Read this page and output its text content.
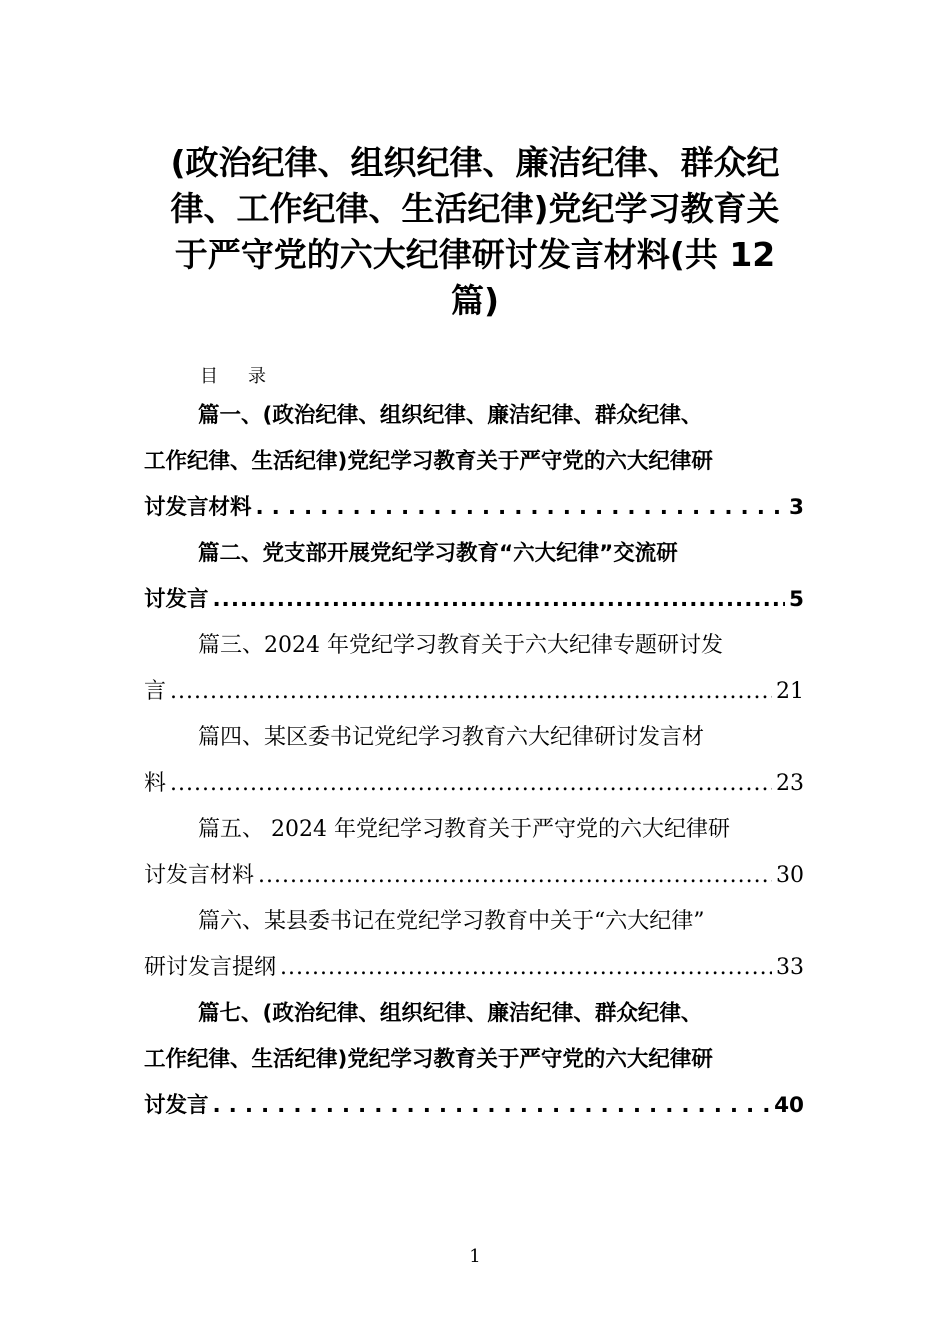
(政治纪律、组织纪律、廉洁纪律、群众纪
律、工作纪律、生活纪律)党纪学习教育关
于严守党的六大纪律研讨发言材料(共 12
篇)
目录
篇一、(政治纪律、组织纪律、廉洁纪律、群众纪律、
工作纪律、生活纪律)党纪学习教育关于严守党的六大纪律研
讨发言材料 .....	3
篇二、党支部开展党纪学习教育“六大纪律”交流研
讨发言 .....	5
篇三、2024 年党纪学习教育关于六大纪律专题研讨发
言 .....	21
篇四、某区委书记党纪学习教育六大纪律研讨发言材
料 .....	23
篇五、 2024 年党纪学习教育关于严守党的六大纪律研
讨发言材料 .....	30
篇六、某县委书记在党纪学习教育中关于“六大纪律”
研讨发言提纲 .....	33
篇七、(政治纪律、组织纪律、廉洁纪律、群众纪律、
工作纪律、生活纪律)党纪学习教育关于严守党的六大纪律研
讨发言 .....	40
1
